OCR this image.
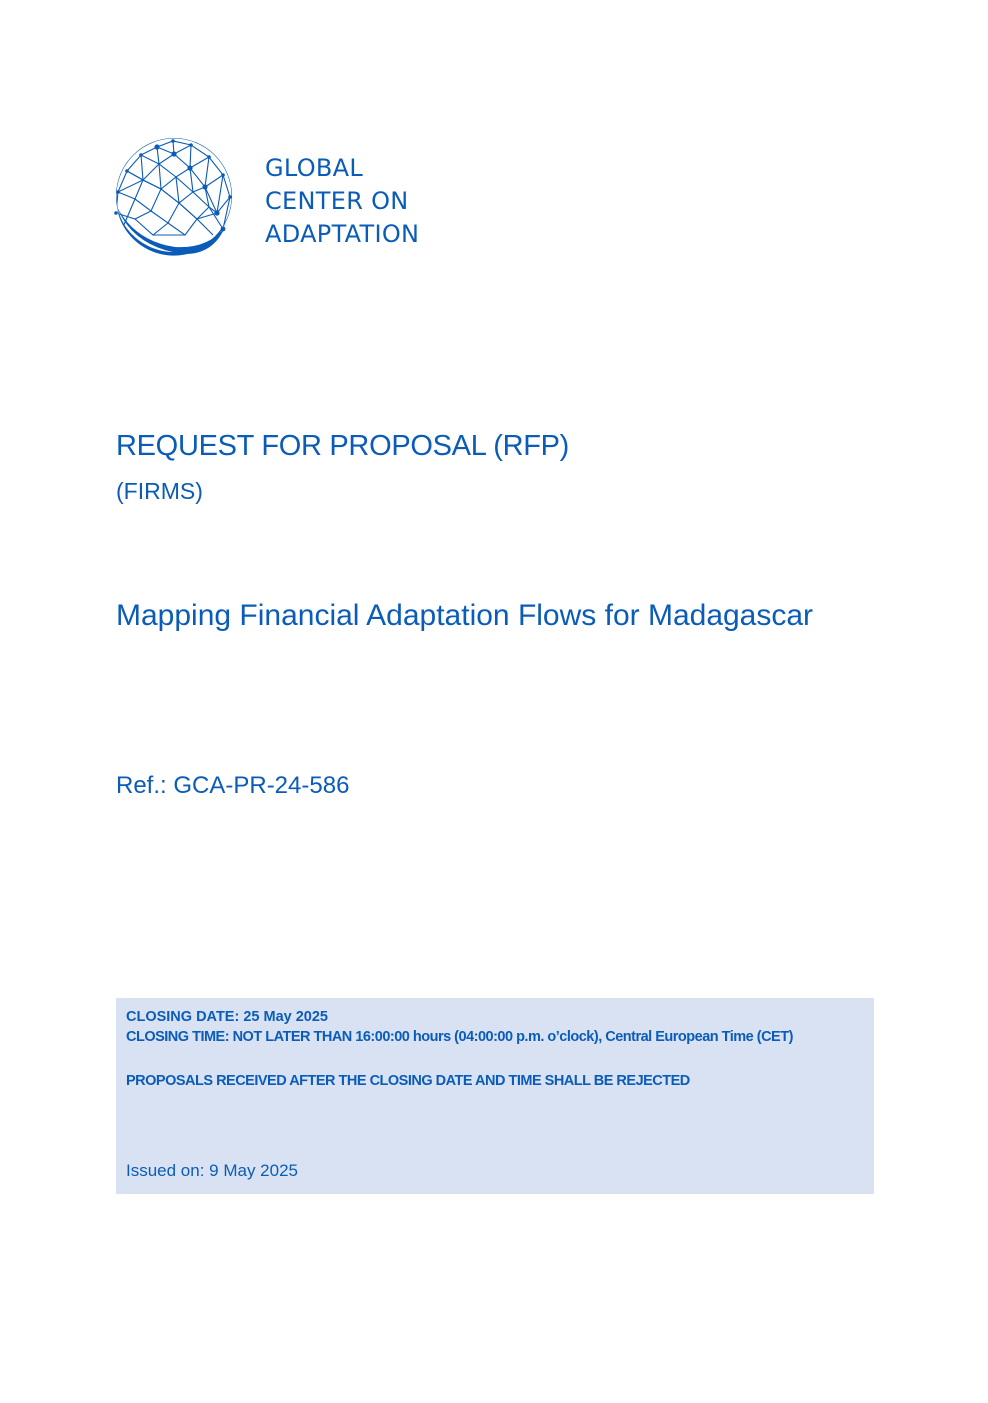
GLOBAL
CENTER ON
ADAPTATION
REQUEST FOR PROPOSAL (RFP)
(FIRMS)
Mapping Financial Adaptation Flows for Madagascar
Ref.: GCA-PR-24-586
CLOSING DATE: 25 May 2025
CLOSING TIME: NOT LATER THAN 16:00:00 hours (04:00:00 p.m. o’clock), Central European Time (CET)
PROPOSALS RECEIVED AFTER THE CLOSING DATE AND TIME SHALL BE REJECTED
Issued on: 9 May 2025
